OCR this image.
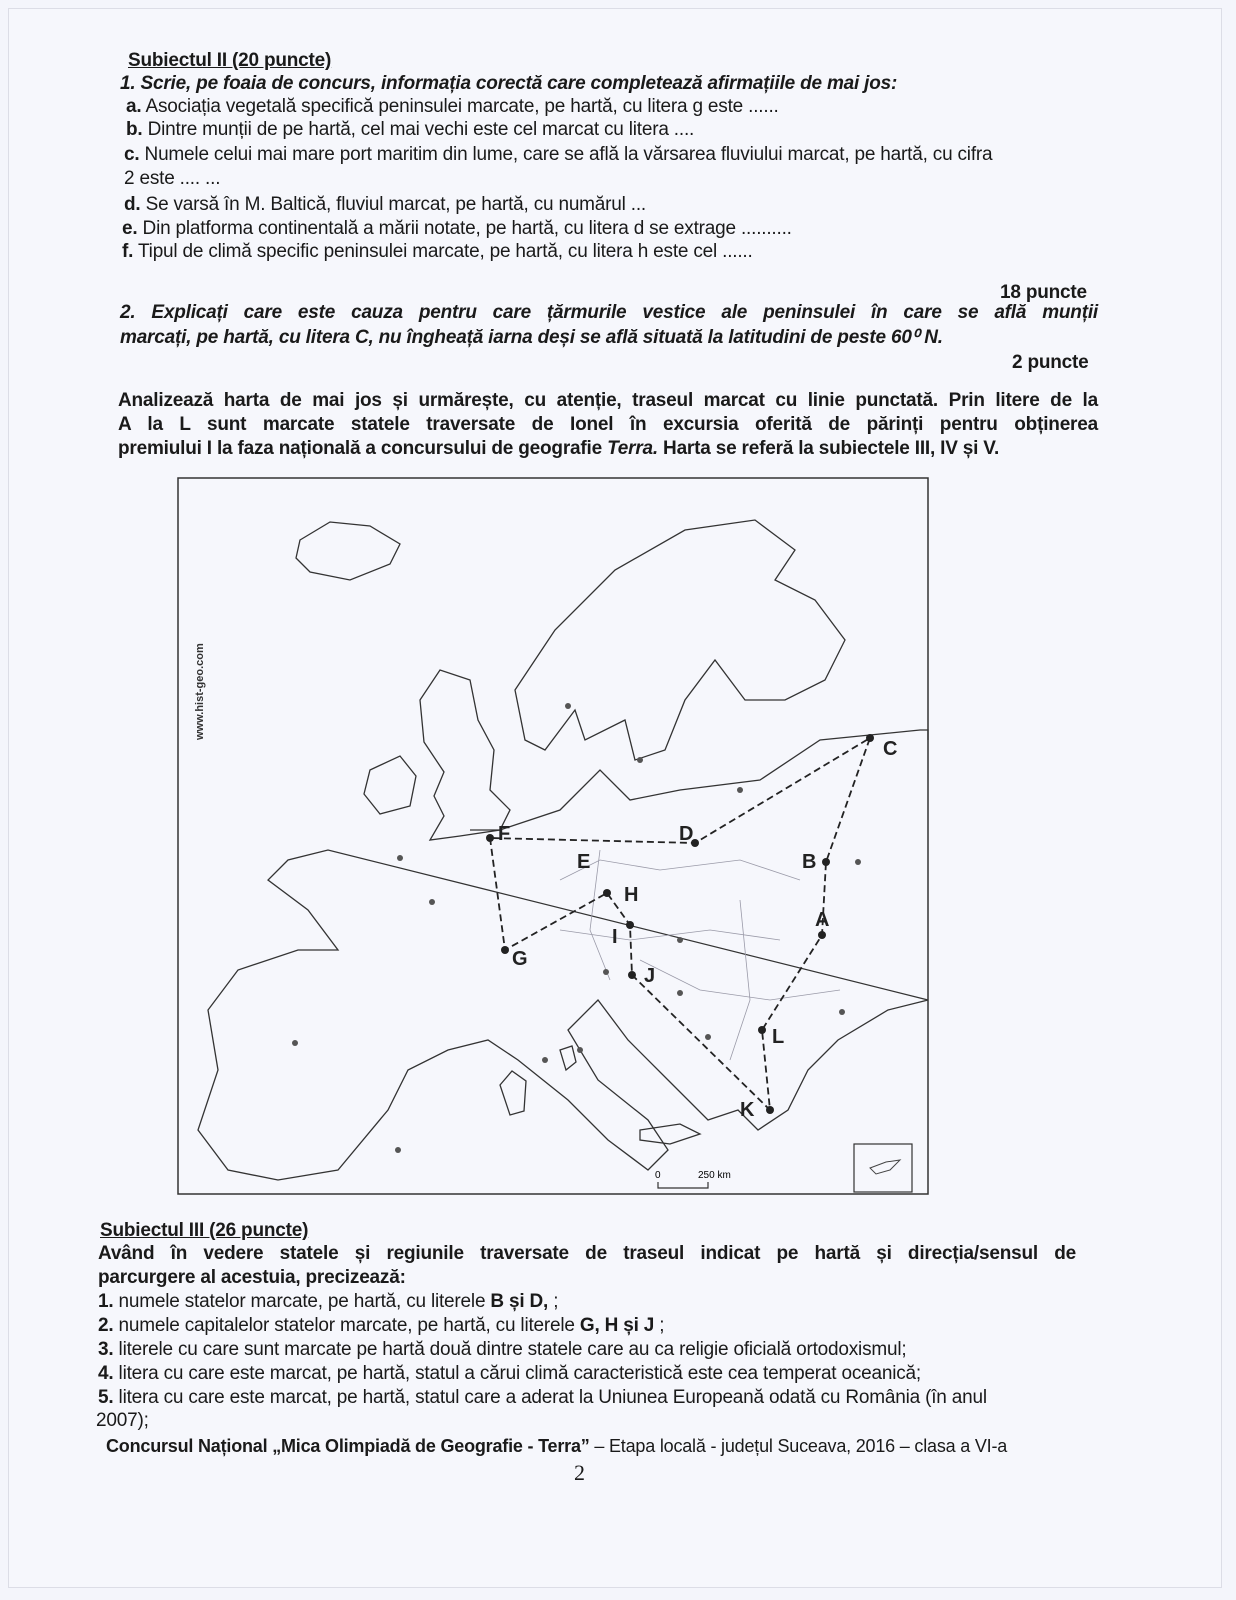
Subiectul II (20 puncte)
1. Scrie, pe foaia de concurs, informația corectă care completează afirmațiile de mai jos:
a. Asociația vegetală specifică peninsulei marcate, pe hartă, cu litera g este ......
b. Dintre munții de pe hartă, cel mai vechi este cel marcat cu litera ....
c. Numele celui mai mare port maritim din lume, care se află la vărsarea fluviului marcat, pe hartă, cu cifra
2 este .... ...
d. Se varsă în M. Baltică, fluviul marcat, pe hartă, cu numărul ...
e. Din platforma continentală a mării notate, pe hartă, cu litera d se extrage ..........
f. Tipul de climă specific peninsulei marcate, pe hartă, cu litera h este cel ......
18 puncte
2. Explicați care este cauza pentru care țărmurile vestice ale peninsulei în care se află munții
marcați, pe hartă, cu litera C, nu îngheață iarna deși se află situată la latitudini de peste 60⁰ N.
2 puncte
Analizează harta de mai jos și urmărește, cu atenție, traseul marcat cu linie punctată. Prin litere de la
A la L sunt marcate statele traversate de Ionel în excursia oferită de părinți pentru obținerea
premiului I la faza națională a concursului de geografie Terra. Harta se referă la subiectele III, IV și V.
A
B
C
D
E
F
G
H
I
J
K
L
www.hist-geo.com
0	250 km
Subiectul III (26 puncte)
Având în vedere statele și regiunile traversate de traseul indicat pe hartă și direcția/sensul de
parcurgere al acestuia, precizează:
1. numele statelor marcate, pe hartă, cu literele B și D, ;
2. numele capitalelor statelor marcate, pe hartă, cu literele G, H și J ;
3. literele cu care sunt marcate pe hartă două dintre statele care au ca religie oficială ortodoxismul;
4. litera cu care este marcat, pe hartă, statul a cărui climă caracteristică este cea temperat oceanică;
5. litera cu care este marcat, pe hartă, statul care a aderat la Uniunea Europeană odată cu România (în anul
2007);
Concursul Național „Mica Olimpiadă de Geografie - Terra” – Etapa locală - județul Suceava, 2016 – clasa a VI-a
2
